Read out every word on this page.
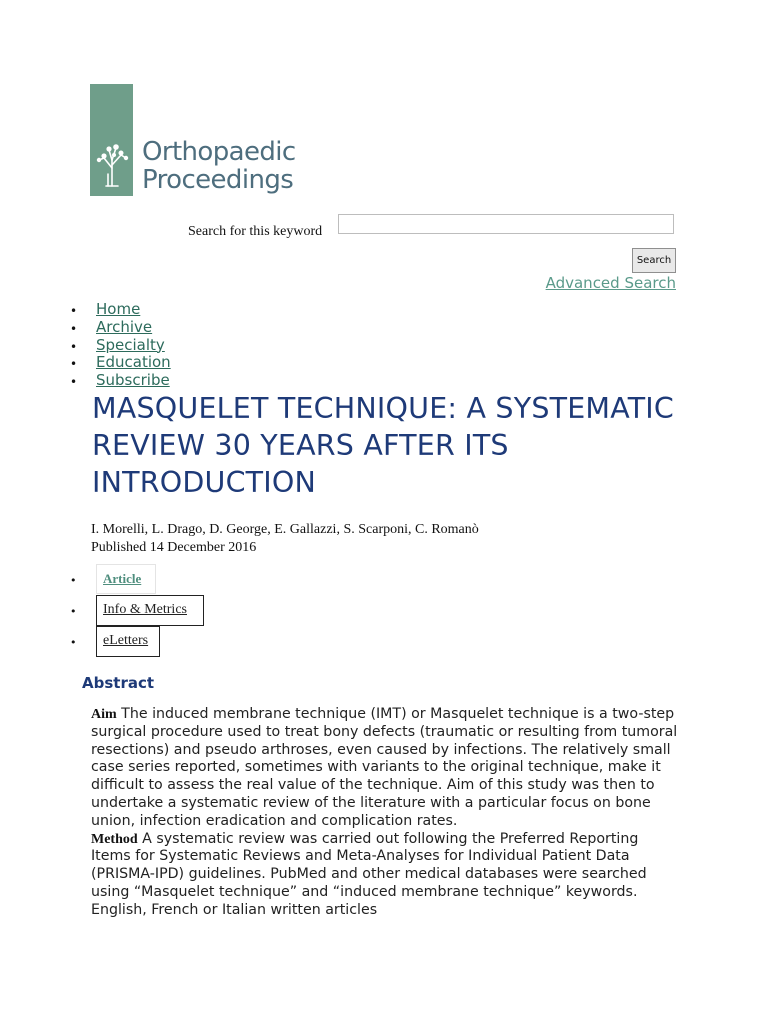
Orthopaedic
Proceedings
Search for this keyword
Search
Advanced Search
Home
Archive
Specialty
Education
Subscribe
MASQUELET TECHNIQUE: A SYSTEMATIC REVIEW 30 YEARS AFTER ITS INTRODUCTION
I. Morelli, L. Drago, D. George, E. Gallazzi, S. Scarponi, C. Romanò
Published 14 December 2016
•	Article
•	Info & Metrics
•	eLetters
Abstract

Aim The induced membrane technique (IMT) or Masquelet technique is a two-step surgical procedure used to treat bony defects (traumatic or resulting from tumoral resections) and pseudo arthroses, even caused by infections. The relatively small case series reported, sometimes with variants to the original technique, make it difficult to assess the real value of the technique. Aim of this study was then to undertake a systematic review of the literature with a particular focus on bone union, infection eradication and complication rates.

Method A systematic review was carried out following the Preferred Reporting Items for Systematic Reviews and Meta-Analyses for Individual Patient Data (PRISMA-IPD) guidelines. PubMed and other medical databases were searched using “Masquelet technique” and “induced membrane technique” keywords. English, French or Italian written articles
